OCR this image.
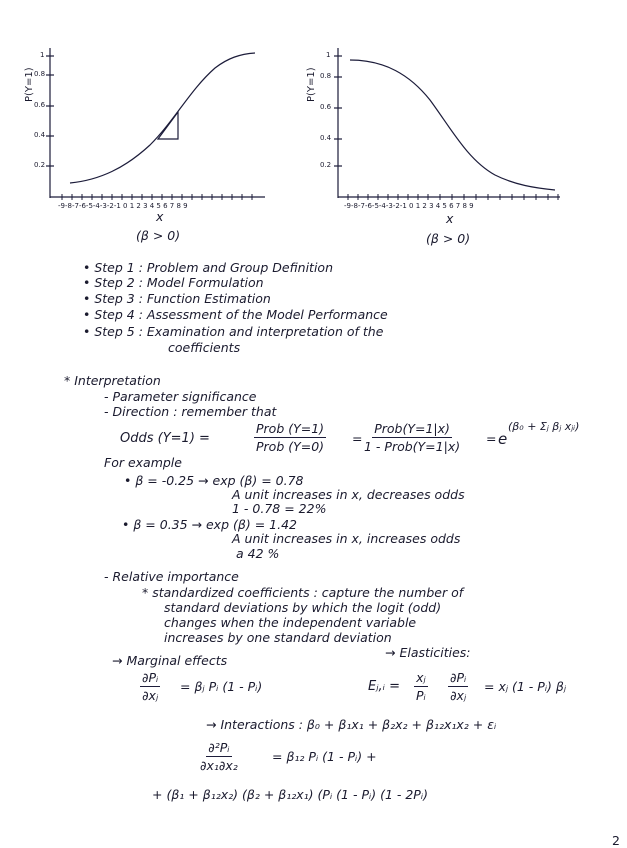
P(Y=1)
1
0.8
0.6
0.4
0.2
-9-8-7-6-5-4-3-2-1 0 1 2 3 4 5 6 7 8 9
x
(β > 0)
P(Y=1)
1
0.8
0.6
0.4
0.2
-9-8-7-6-5-4-3-2-1 0 1 2 3 4 5 6 7 8 9
x
(β > 0)
• Step 1 : Problem and Group Definition
• Step 2 : Model Formulation
• Step 3 : Function Estimation
• Step 4 : Assessment of the Model Performance
• Step 5 : Examination and interpretation of the
coefficients
* Interpretation
- Parameter significance
- Direction : remember that
Odds (Y=1) =
Prob (Y=1)
Prob (Y=0)
=
Prob(Y=1|x)
1 - Prob(Y=1|x)
= e
(β₀ + Σⱼ βⱼ xⱼᵢ)
For example
• β = -0.25 → exp (β) = 0.78
A unit increases in x, decreases odds
1 - 0.78 = 22%
• β = 0.35 → exp (β) = 1.42
A unit increases in x, increases odds
a 42 %
- Relative importance
* standardized coefficients : capture the number of
standard deviations by which the logit (odd)
changes when the independent variable
increases by one standard deviation
→ Marginal effects
→ Elasticities:
$\frac{\text{∂Pᵢ}}{\text{∂xⱼ}}$ = βⱼ Pᵢ (1 - Pᵢ)	Eⱼ,ᵢ = $\frac{\text{xⱼ}}{\text{Pᵢ}} \frac{\text{∂Pᵢ}}{\text{∂xⱼ}}$ = xⱼ (1 - Pᵢ) βⱼ
→ Interactions : β₀ + β₁x₁ + β₂x₂ + β₁₂x₁x₂ + εᵢ
$\frac{\text{∂²Pᵢ}}{\text{∂x₁∂x₂}}$	= β₁₂ Pᵢ (1 - Pᵢ) +
+ (β₁ + β₁₂x₂) (β₂ + β₁₂x₁) (Pᵢ (1 - Pᵢ) (1 - 2Pᵢ)
2
